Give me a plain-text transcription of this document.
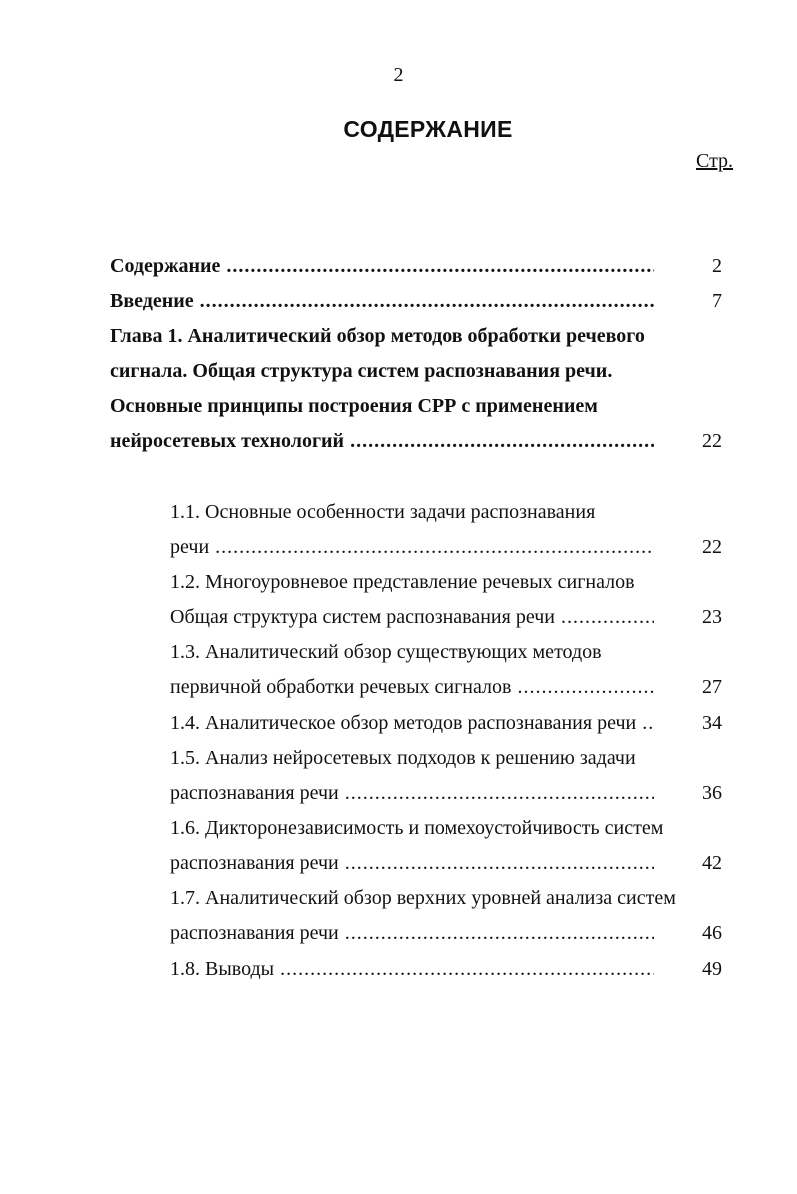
2
СОДЕРЖАНИЕ
Стр.
Содержание .....	2
Введение .....	7
Глава 1. Аналитический обзор методов обработки речевого
сигнала. Общая структура систем распознавания речи.
Основные принципы построения СРР с применением
нейросетевых технологий .....	22
1.1. Основные особенности задачи распознавания
речи .....	22
1.2. Многоуровневое представление речевых сигналов
Общая структура систем распознавания речи .....	23
1.3. Аналитический обзор существующих методов
первичной обработки речевых сигналов .....	27
1.4. Аналитическое обзор методов распознавания речи .....	34
1.5. Анализ нейросетевых подходов к решению задачи
распознавания речи .....	36
1.6. Дикторонезависимость и помехоустойчивость систем
распознавания речи .....	42
1.7. Аналитический обзор верхних уровней анализа систем
распознавания речи .....	46
1.8. Выводы .....	49
